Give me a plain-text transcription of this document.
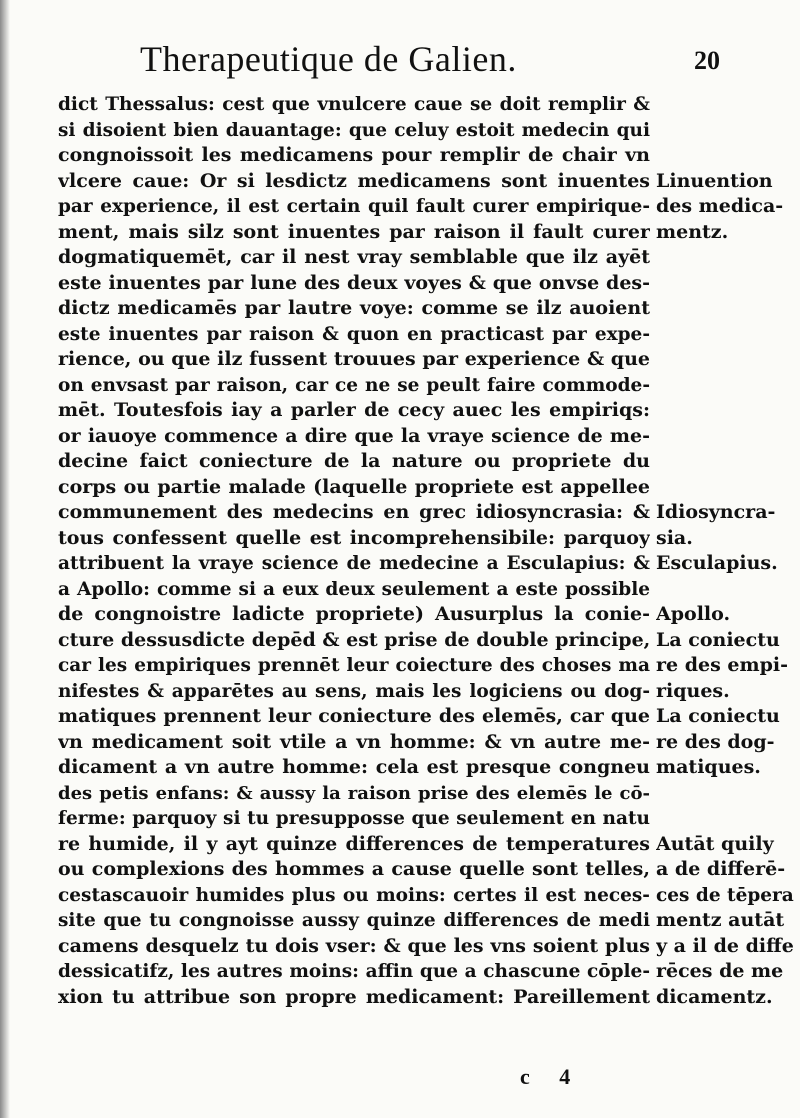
Therapeutique de Galien.	20
dict Thessalus: cest que vnulcere caue se doit remplir &
si disoient bien dauantage: que celuy estoit medecin qui
congnoissoit les medicamens pour remplir de chair vn
vlcere caue: Or si lesdictz medicamens sont inuentes
par experience, il est certain quil fault curer empirique-
ment, mais silz sont inuentes par raison il fault curer
dogmatiquemēt, car il nest vray semblable que ilz ayēt
este inuentes par lune des deux voyes & que onvse des-
dictz medicamēs par lautre voye: comme se ilz auoient
este inuentes par raison & quon en practicast par expe-
rience, ou que ilz fussent trouues par experience & que
on envsast par raison, car ce ne se peult faire commode-
mēt. Toutesfois iay a parler de cecy auec les empiriqs:
or iauoye commence a dire que la vraye science de me-
decine faict coniecture de la nature ou propriete du
corps ou partie malade (laquelle propriete est appellee
communement des medecins en grec idiosyncrasia: &
tous confessent quelle est incomprehensibile: parquoy
attribuent la vraye science de medecine a Esculapius: &
a Apollo: comme si a eux deux seulement a este possible
de congnoistre ladicte propriete) Ausurplus la conie-
cture dessusdicte depēd & est prise de double principe,
car les empiriques prennēt leur coiecture des choses ma
nifestes & apparētes au sens, mais les logiciens ou dog-
matiques prennent leur coniecture des elemēs, car que
vn medicament soit vtile a vn homme: & vn autre me-
dicament a vn autre homme: cela est presque congneu
des petis enfans: & aussy la raison prise des elemēs le cō-
ferme: parquoy si tu presupposse que seulement en natu
re humide, il y ayt quinze differences de temperatures
ou complexions des hommes a cause quelle sont telles,
cestascauoir humides plus ou moins: certes il est neces-
site que tu congnoisse aussy quinze differences de medi
camens desquelz tu dois vser: & que les vns soient plus
dessicatifz, les autres moins: affin que a chascune cōple-
xion tu attribue son propre medicament: Pareillement
Linuention
des medica-
mentz.
Idiosyncra-
sia.
Esculapius.
Apollo.
La coniectu
re des empi-
riques.
La coniectu
re des dog-
matiques.
Autāt quily
a de differē-
ces de tēpera
mentz autāt
y a il de diffe
rēces de me
dicamentz.
c 4
